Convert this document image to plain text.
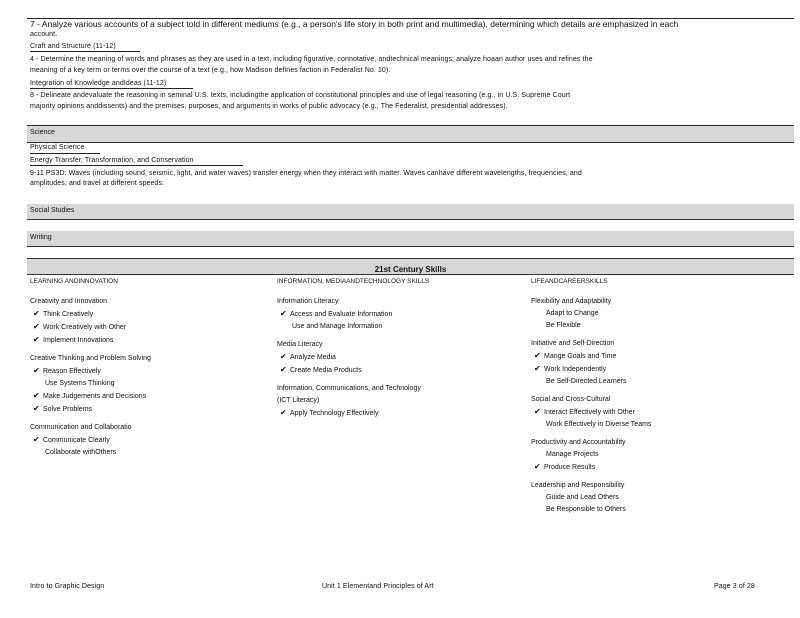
7 - Analyze various accounts of a subject told in different mediums (e.g., a person's life story in both print and multimedia), determining which details are emphasized in each
account.
Craft and Structure (11-12)
4 - Determine the meaning of words and phrases as they are used in a text, including figurative, connotative, andtechnical meanings; analyze hoaan author uses and refines the
meaning of a key term or terms over the course of a text (e.g., how Madison defines faction in Federalist No. 10).
Integration of Knowledge andIdeas (11-12)
8 - Delineate andevaluate the reasoning in seminal U.S. texts, includingthe application of constitutional principles and use of legal reasoning (e.g., in U.S. Supreme Court
majority opinions anddissents) and the premises, purposes, and arguments in works of public advocacy (e.g., The Federalist, presidential addresses).
Science
Physical Science
Energy Transfer, Transformation, and Conservation
9-11 PS3D: Waves (including sound, seismic, light, and water waves) transfer energy when they interact with matter. Waves canhave different wavelengths, frequencies, and
amplitudes, and travel at different speeds.
Social Studies
Writing
21st Century Skills
LEARNING ANDINNOVATION
Creativity and Innovation
✔ Think Creatively
✔ Work Creatively with Other
✔ Implement Innovations
Creative Thinking and Problem Solving
✔ Reason Effectively
Use Systems Thinking
✔ Make Judgements and Decisions
✔ Solve Problems
Communication and Collaboratio
✔ Communicate Clearly
Collaborate withOthers
INFORMATION, MEDIAANDTECHNOLOGY SKILLS
Information Literacy
✔ Access and Evaluate Information
Use and Manage Information
Media Literacy
✔ Analyze Media
✔ Create Media Products
Information, Communications, and Technology
(ICT Literacy)
✔ Apply Technology Effectively
LIFEANDCAREERSKILLS
Flexibility and Adaptability
Adapt to Change
Be Flexible
Initiative and Self-Direction
✔ Mange Goals and Time
✔ Work Independently
Be Self-Directed Learners
Social and Cross-Cultural
✔ Interact Effectively with Other
Work Effectively in Diverse Teams
Productivity and Accountability
Manage Projects
✔ Produce Results
Leadership and Responsibility
Guide and Lead Others
Be Responsible to Others
Intro to Graphic Design	Unit 1 Elementand Principles of Art	Page 3 of 28
